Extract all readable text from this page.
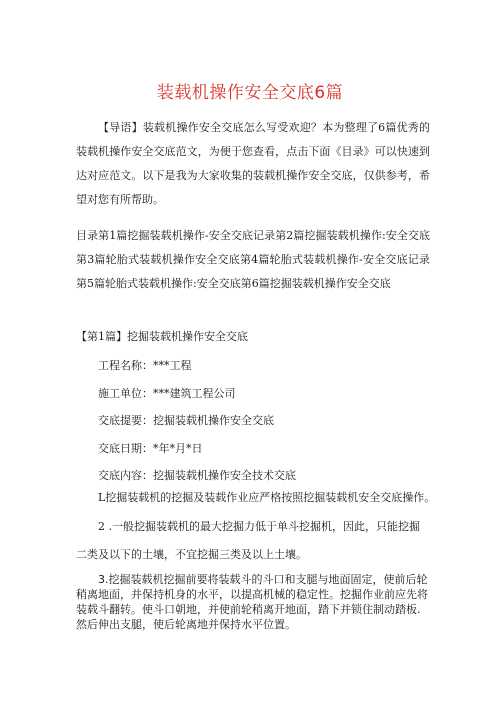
装载机操作安全交底6篇

【导语】装载机操作安全交底怎么写受欢迎？本为整理了6篇优秀的装载机操作安全交底范文，为便于您查看，点击下面《目录》可以快速到达对应范文。以下是我为大家收集的装载机操作安全交底，仅供参考，希望对您有所帮助。

目录第1篇挖掘装载机操作-安全交底记录第2篇挖掘装载机操作:安全交底第3篇轮胎式装载机操作安全交底第4篇轮胎式装载机操作-安全交底记录第5篇轮胎式装载机操作:安全交底第6篇挖掘装载机操作安全交底

【第1篇】挖掘装载机操作安全交底

工程名称：***工程
施工单位：***建筑工程公司
交底提要：挖掘装载机操作安全交底
交底日期：*年*月*日
交底内容：挖掘装载机操作安全技术交底

L挖掘装载机的挖掘及装载作业应严格按照挖掘装载机安全交底操作。

2 .一般挖掘装载机的最大挖掘力低于单斗挖掘机，因此，只能挖掘二类及以下的土壤，不宜挖掘三类及以上土壤。

3.挖掘装载机挖掘前要将装载斗的斗口和支腿与地面固定，使前后轮稍离地面，并保持机身的水平，以提高机械的稳定性。挖掘作业前应先将装载斗翻转。使斗口朝地，并使前轮稍离开地面，踏下并锁住制动踏板.然后伸出支腿，使后轮离地并保持水平位置。
